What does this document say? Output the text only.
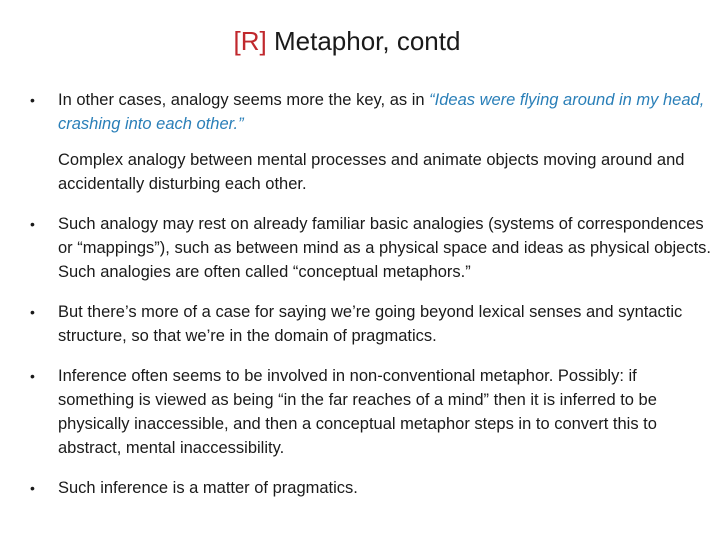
[R] Metaphor, contd

• In other cases, analogy seems more the key, as in “Ideas were flying around in my head, crashing into each other.”

Complex analogy between mental processes and animate objects moving around and accidentally disturbing each other.

• Such analogy may rest on already familiar basic analogies (systems of correspondences or “mappings”), such as between mind as a physical space and ideas as physical objects. Such analogies are often called “conceptual metaphors.”

• But there’s more of a case for saying we’re going beyond lexical senses and syntactic structure, so that we’re in the domain of pragmatics.

• Inference often seems to be involved in non-conventional metaphor. Possibly: if something is viewed as being “in the far reaches of a mind” then it is inferred to be physically inaccessible, and then a conceptual metaphor steps in to convert this to abstract, mental inaccessibility.

• Such inference is a matter of pragmatics.
